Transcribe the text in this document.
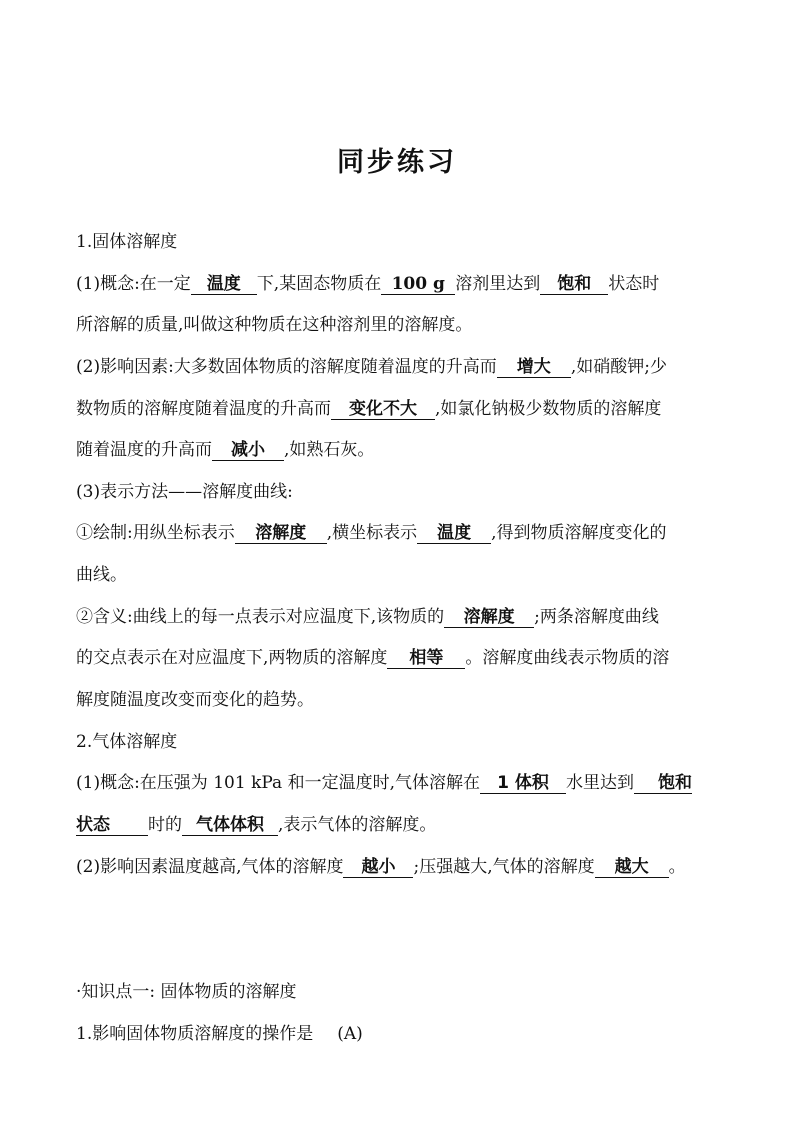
同步练习
1.固体溶解度
(1)概念:在一定 温度 下,某固态物质在 100 g 溶剂里达到 饱和 状态时
所溶解的质量,叫做这种物质在这种溶剂里的溶解度。
(2)影响因素:大多数固体物质的溶解度随着温度的升高而 增大 ,如硝酸钾;少
数物质的溶解度随着温度的升高而 变化不大 ,如氯化钠极少数物质的溶解度
随着温度的升高而 减小 ,如熟石灰。
(3)表示方法——溶解度曲线:
①绘制:用纵坐标表示 溶解度 ,横坐标表示 温度 ,得到物质溶解度变化的
曲线。
②含义:曲线上的每一点表示对应温度下,该物质的 溶解度 ;两条溶解度曲线
的交点表示在对应温度下,两物质的溶解度 相等 。溶解度曲线表示物质的溶
解度随温度改变而变化的趋势。
2.气体溶解度
(1)概念:在压强为 101 kPa 和一定温度时,气体溶解在 1 体积 水里达到 饱和
状态 时的 气体体积 ,表示气体的溶解度。
(2)影响因素温度越高,气体的溶解度 越小 ;压强越大,气体的溶解度 越大 。
·知识点一: 固体物质的溶解度
1.影响固体物质溶解度的操作是 (A)
